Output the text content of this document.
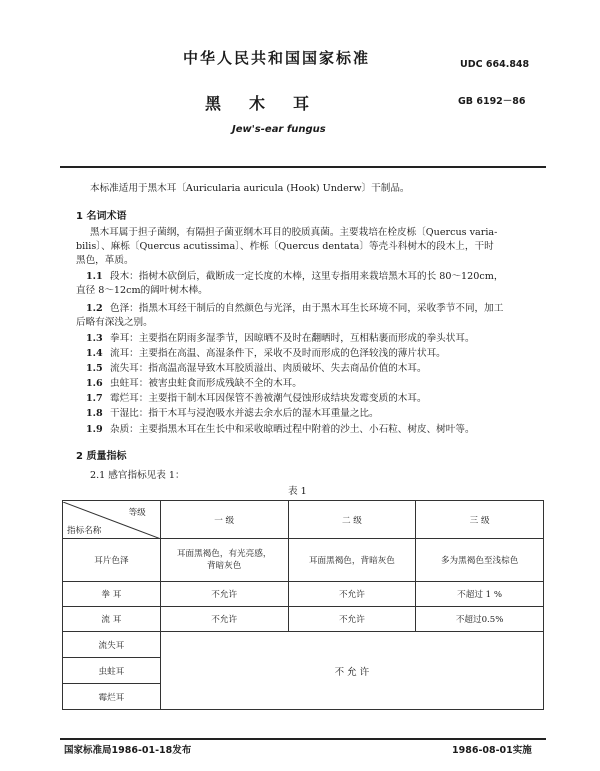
中华人民共和国国家标准	UDC 664.848
GB 6192－86
黑木耳
Jew's-ear fungus
本标准适用于黑木耳〔Auricularia auricula (Hook) Underw〕干制品。
1 名词术语
黑木耳属于担子菌纲，有隔担子菌亚纲木耳目的胶质真菌。主要栽培在栓皮栎〔Quercus varia-
bilis〕、麻栎〔Quercus acutissima〕、柞栎〔Quercus dentata〕等壳斗科树木的段木上，干时
黑色，革质。
1.1 段木：指树木砍倒后，截断成一定长度的木棒，这里专指用来栽培黑木耳的长 80～120cm，
直径 8～12cm的阔叶树木棒。
1.2 色泽：指黑木耳经干制后的自然颜色与光泽，由于黑木耳生长环境不同，采收季节不同，加工
后略有深浅之别。
1.3 拳耳：主要指在阴雨多湿季节，因晾晒不及时在翻晒时，互相粘裹而形成的拳头状耳。
1.4 流耳：主要指在高温、高湿条件下，采收不及时而形成的色泽较浅的薄片状耳。
1.5 流失耳：指高温高湿导致木耳胶质溢出、肉质破坏、失去商品价值的木耳。
1.6 虫蛀耳：被害虫蛀食而形成残缺不全的木耳。
1.7 霉烂耳：主要指干制木耳因保管不善被潮气侵蚀形成结块发霉变质的木耳。
1.8 干湿比：指干木耳与浸泡吸水并滤去余水后的湿木耳重量之比。
1.9 杂质：主要指黑木耳在生长中和采收晾晒过程中附着的沙土、小石粒、树皮、树叶等。
2 质量指标
2.1 感官指标见表 1：
表 1
等级
指标名称	一 级	二 级	三 级
耳片色泽	耳面黑褐色，有光亮感，背暗灰色	耳面黑褐色，背暗灰色	多为黑褐色至浅棕色
拳 耳	不允许	不允许	不超过 1 %
流 耳	不允许	不允许	不超过0.5%
流失耳	不 允 许		
虫蛀耳			
霉烂耳			
国家标准局1986-01-18发布	1986-08-01实施
